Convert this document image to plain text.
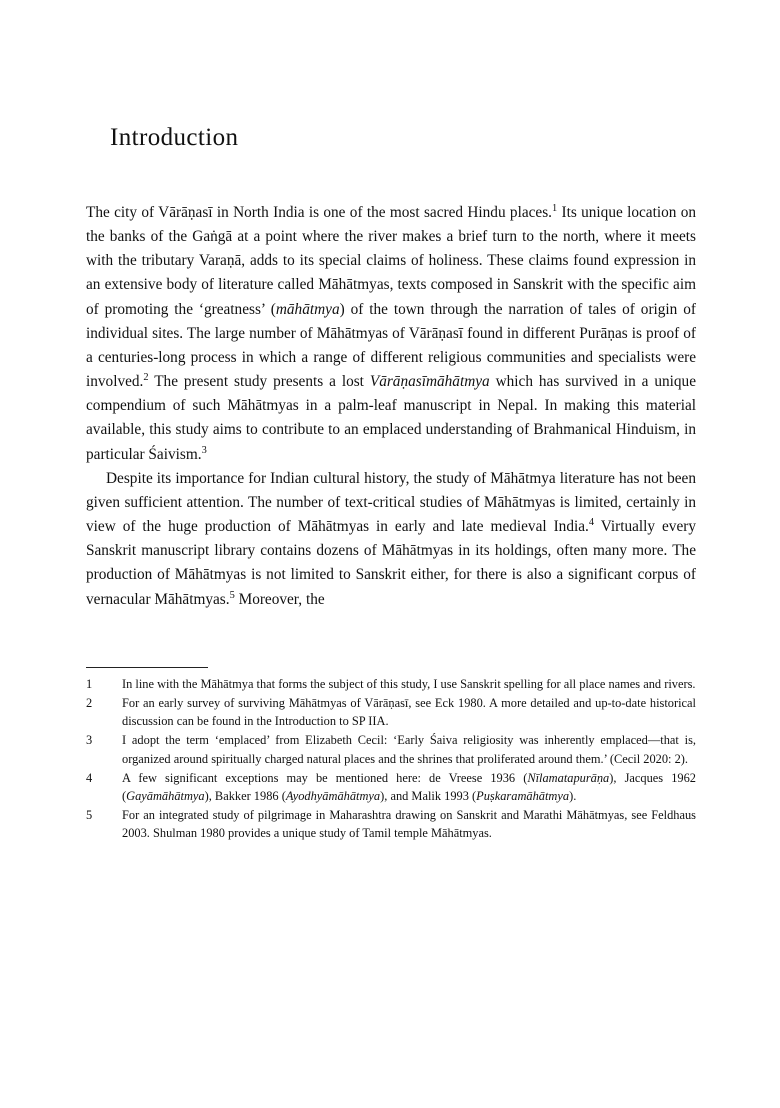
Introduction

The city of Vārāṇasī in North India is one of the most sacred Hindu places.$^1$ Its unique location on the banks of the Gaṅgā at a point where the river makes a brief turn to the north, where it meets with the tributary Varaṇā, adds to its special claims of holiness. These claims found expression in an extensive body of literature called Māhātmyas, texts composed in Sanskrit with the specific aim of promoting the ‘greatness’ (māhātmya) of the town through the narration of tales of origin of individual sites. The large number of Māhātmyas of Vārāṇasī found in different Purāṇas is proof of a centuries-long process in which a range of different religious communities and specialists were involved.$^2$ The present study presents a lost Vārāṇasīmāhātmya which has survived in a unique compendium of such Māhātmyas in a palm-leaf manuscript in Nepal. In making this material available, this study aims to contribute to an emplaced understanding of Brahmanical Hinduism, in particular Śaivism.$^3$

Despite its importance for Indian cultural history, the study of Māhātmya literature has not been given sufficient attention. The number of text-critical studies of Māhātmyas is limited, certainly in view of the huge production of Māhātmyas in early and late medieval India.$^4$ Virtually every Sanskrit manuscript library contains dozens of Māhātmyas in its holdings, often many more. The production of Māhātmyas is not limited to Sanskrit either, for there is also a significant corpus of vernacular Māhātmyas.$^5$ Moreover, the

1	In line with the Māhātmya that forms the subject of this study, I use Sanskrit spelling for all place names and rivers.
2	For an early survey of surviving Māhātmyas of Vārāṇasī, see Eck 1980. A more detailed and up-to-date historical discussion can be found in the Introduction to SP IIA.
3	I adopt the term ‘emplaced’ from Elizabeth Cecil: ‘Early Śaiva religiosity was inherently emplaced—that is, organized around spiritually charged natural places and the shrines that proliferated around them.’ (Cecil 2020: 2).
4	A few significant exceptions may be mentioned here: de Vreese 1936 (Nīlamatapurāṇa), Jacques 1962 (Gayāmāhātmya), Bakker 1986 (Ayodhyāmāhātmya), and Malik 1993 (Puṣkaramāhātmya).
5	For an integrated study of pilgrimage in Maharashtra drawing on Sanskrit and Marathi Māhātmyas, see Feldhaus 2003. Shulman 1980 provides a unique study of Tamil temple Māhātmyas.
